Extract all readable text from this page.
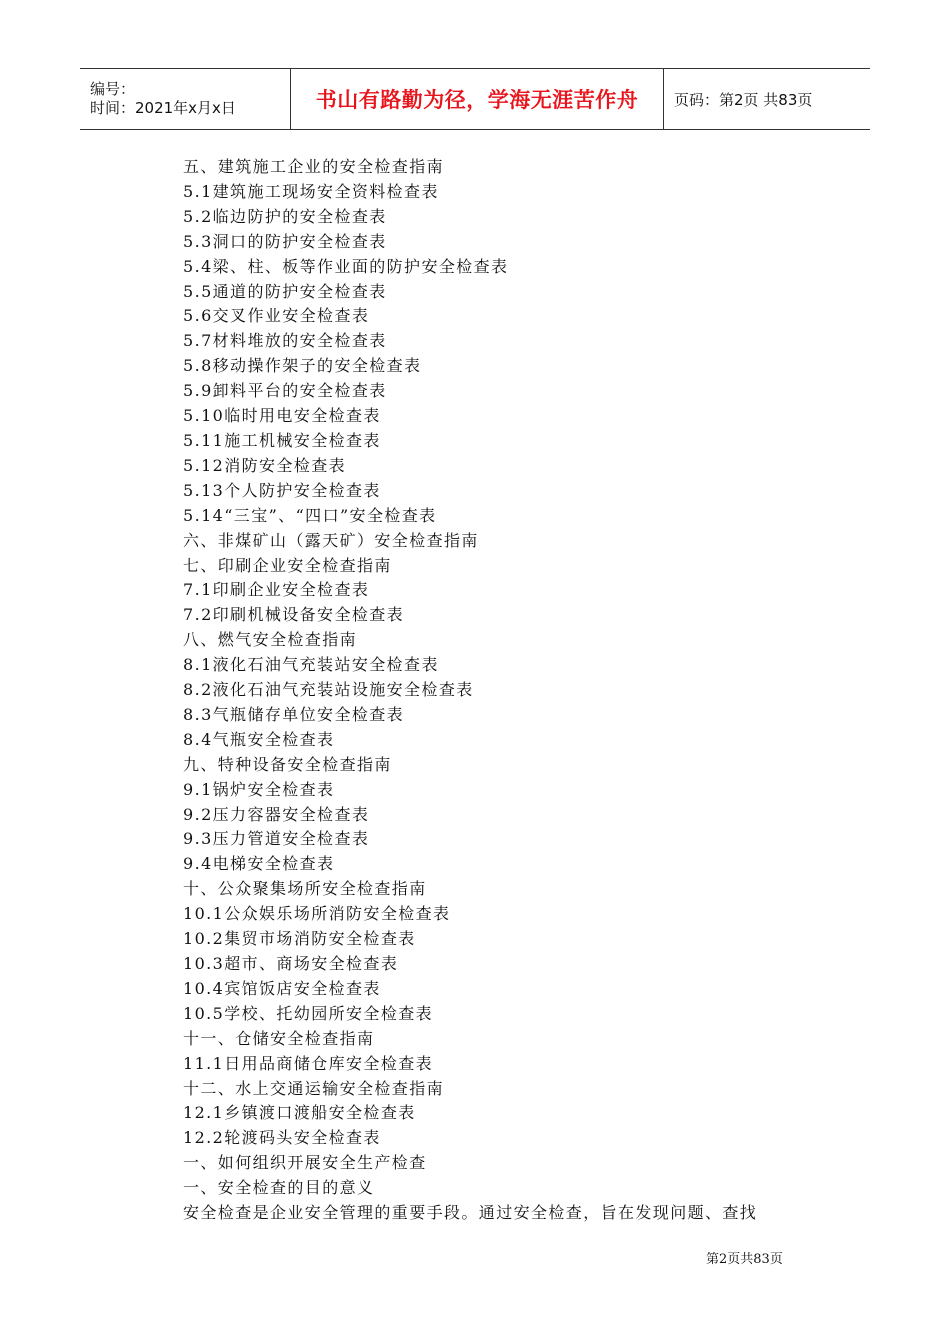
编号：
时间：2021年x月x日	书山有路勤为径，学海无涯苦作舟 页码：第2页 共83页
五、建筑施工企业的安全检查指南
5.1建筑施工现场安全资料检查表
5.2临边防护的安全检查表
5.3洞口的防护安全检查表
5.4梁、柱、板等作业面的防护安全检查表
5.5通道的防护安全检查表
5.6交叉作业安全检查表
5.7材料堆放的安全检查表
5.8移动操作架子的安全检查表
5.9卸料平台的安全检查表
5.10临时用电安全检查表
5.11施工机械安全检查表
5.12消防安全检查表
5.13个人防护安全检查表
5.14“三宝”、“四口”安全检查表
六、非煤矿山（露天矿）安全检查指南
七、印刷企业安全检查指南
7.1印刷企业安全检查表
7.2印刷机械设备安全检查表
八、燃气安全检查指南
8.1液化石油气充装站安全检查表
8.2液化石油气充装站设施安全检查表
8.3气瓶储存单位安全检查表
8.4气瓶安全检查表
九、特种设备安全检查指南
9.1锅炉安全检查表
9.2压力容器安全检查表
9.3压力管道安全检查表
9.4电梯安全检查表
十、公众聚集场所安全检查指南
10.1公众娱乐场所消防安全检查表
10.2集贸市场消防安全检查表
10.3超市、商场安全检查表
10.4宾馆饭店安全检查表
10.5学校、托幼园所安全检查表
十一、仓储安全检查指南
11.1日用品商储仓库安全检查表
十二、水上交通运输安全检查指南
12.1乡镇渡口渡船安全检查表
12.2轮渡码头安全检查表
一、如何组织开展安全生产检查
一、安全检查的目的意义
安全检查是企业安全管理的重要手段。通过安全检查，旨在发现问题、查找
第2页共83页
